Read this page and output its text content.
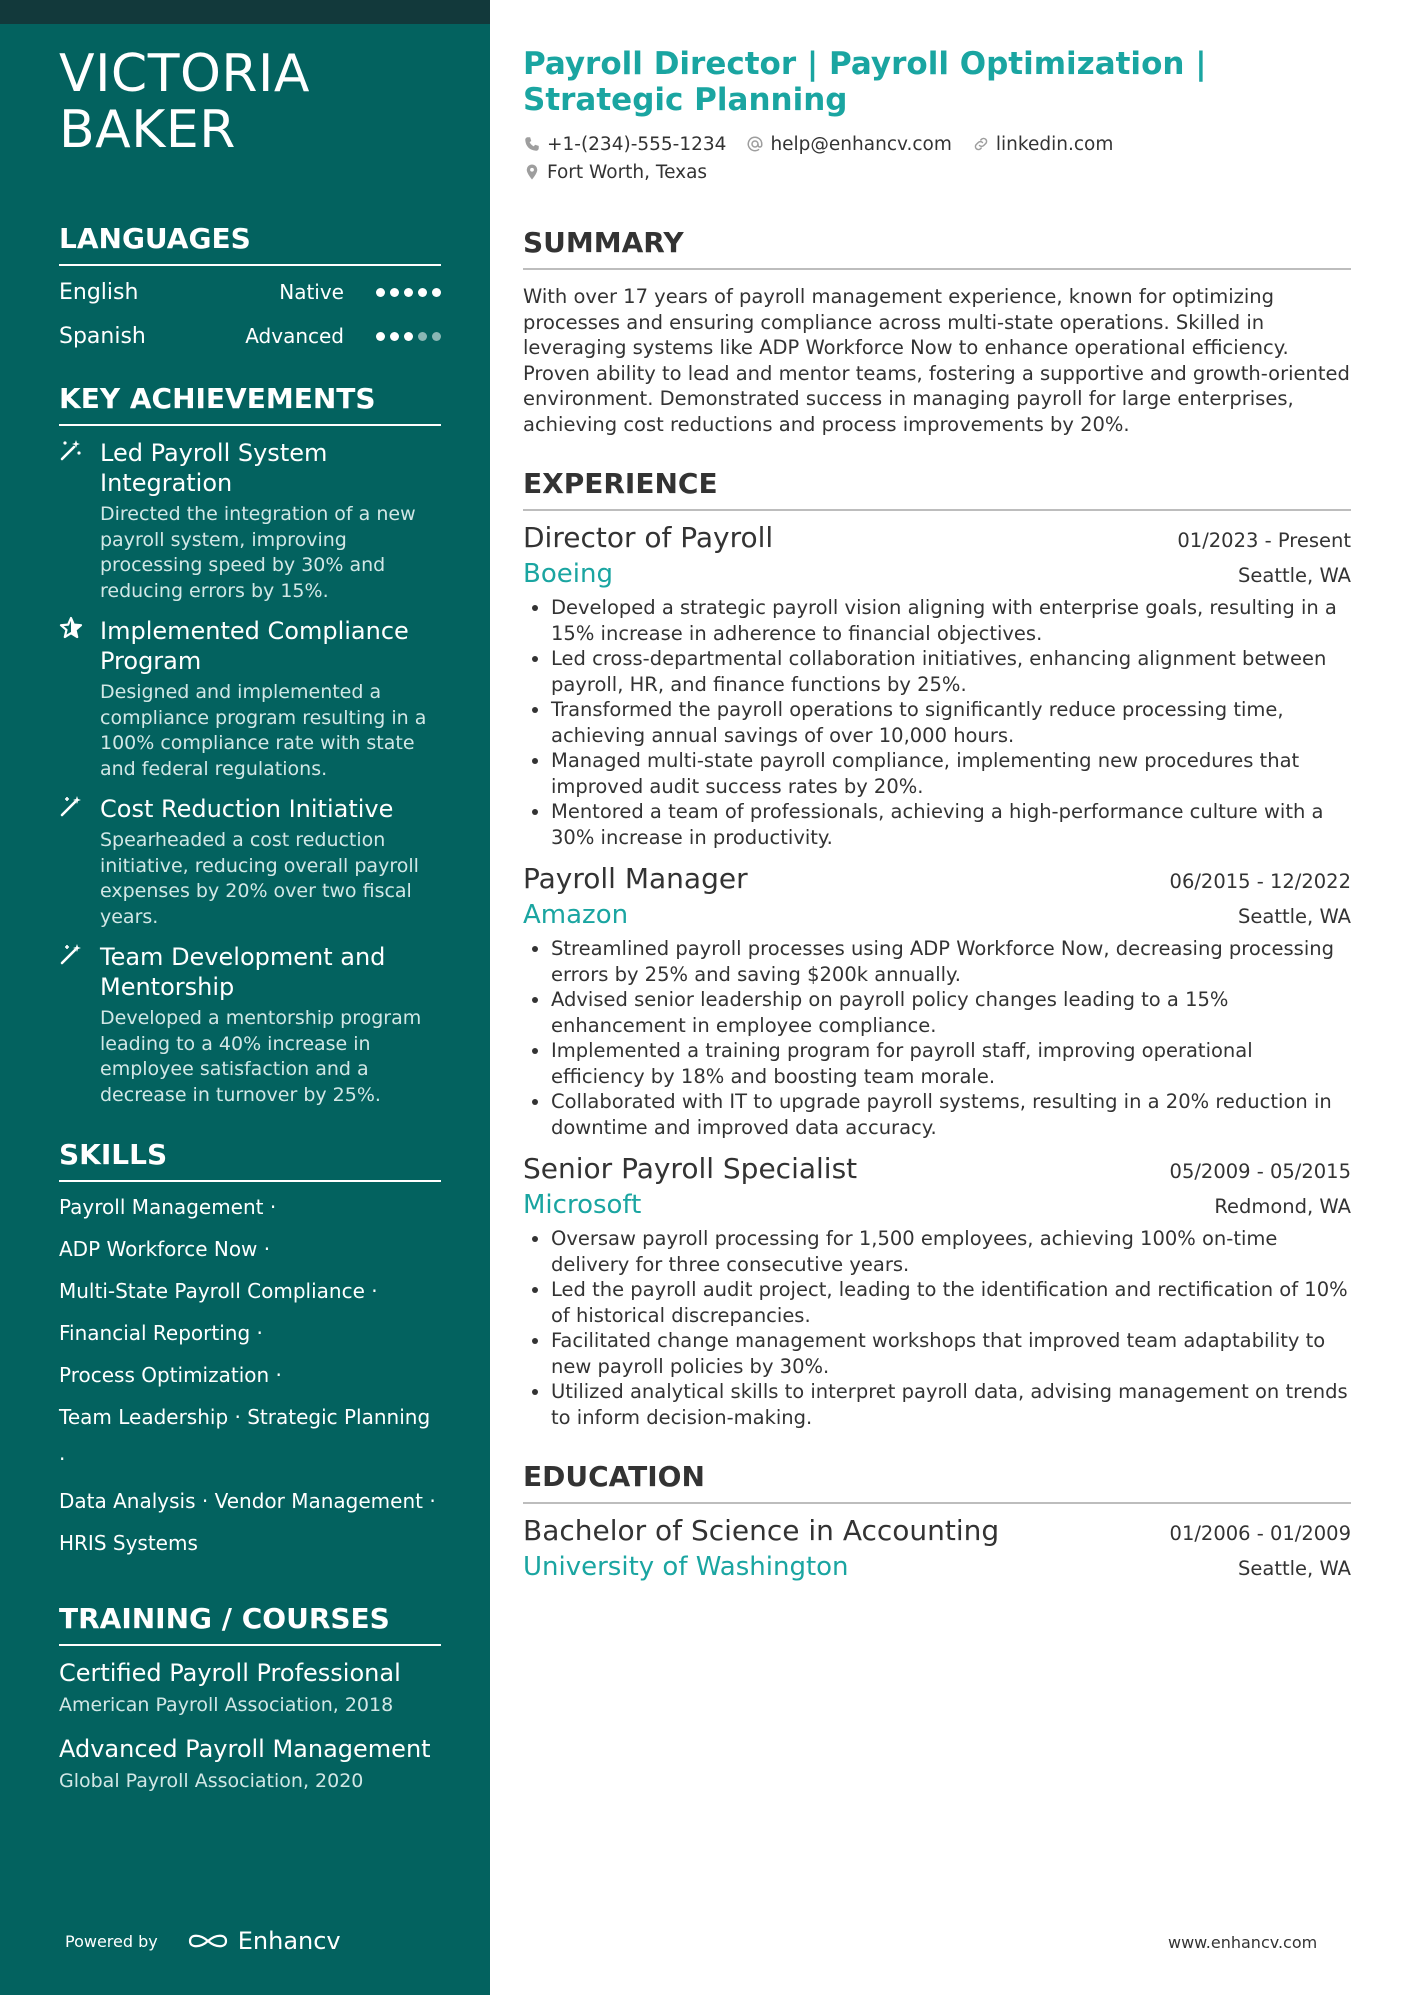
VICTORIA
BAKER
LANGUAGES
English	Native
Spanish	Advanced
KEY ACHIEVEMENTS
Led Payroll System Integration
Directed the integration of a new payroll system, improving processing speed by 30% and reducing errors by 15%.
Implemented Compliance Program
Designed and implemented a compliance program resulting in a 100% compliance rate with state and federal regulations.
Cost Reduction Initiative
Spearheaded a cost reduction initiative, reducing overall payroll expenses by 20% over two fiscal years.
Team Development and Mentorship
Developed a mentorship program leading to a 40% increase in employee satisfaction and a decrease in turnover by 25%.
SKILLS
Payroll Management ·
ADP Workforce Now ·
Multi-State Payroll Compliance ·
Financial Reporting ·
Process Optimization ·
Team Leadership · Strategic Planning ·
Data Analysis · Vendor Management ·
HRIS Systems
TRAINING / COURSES
Certified Payroll Professional
American Payroll Association, 2018
Advanced Payroll Management
Global Payroll Association, 2020
Powered by	Enhancv
Payroll Director | Payroll Optimization | Strategic Planning
+1-(234)-555-1234 help@enhancv.com linkedin.com
Fort Worth, Texas
SUMMARY
With over 17 years of payroll management experience, known for optimizing processes and ensuring compliance across multi-state operations. Skilled in leveraging systems like ADP Workforce Now to enhance operational efficiency. Proven ability to lead and mentor teams, fostering a supportive and growth-oriented environment. Demonstrated success in managing payroll for large enterprises, achieving cost reductions and process improvements by 20%.
EXPERIENCE
Director of Payroll	01/2023 - Present
Boeing	Seattle, WA
• Developed a strategic payroll vision aligning with enterprise goals, resulting in a 15% increase in adherence to financial objectives.
• Led cross-departmental collaboration initiatives, enhancing alignment between payroll, HR, and finance functions by 25%.
• Transformed the payroll operations to significantly reduce processing time, achieving annual savings of over 10,000 hours.
• Managed multi-state payroll compliance, implementing new procedures that improved audit success rates by 20%.
• Mentored a team of professionals, achieving a high-performance culture with a 30% increase in productivity.
Payroll Manager	06/2015 - 12/2022
Amazon	Seattle, WA
• Streamlined payroll processes using ADP Workforce Now, decreasing processing errors by 25% and saving $200k annually.
• Advised senior leadership on payroll policy changes leading to a 15% enhancement in employee compliance.
• Implemented a training program for payroll staff, improving operational efficiency by 18% and boosting team morale.
• Collaborated with IT to upgrade payroll systems, resulting in a 20% reduction in downtime and improved data accuracy.
Senior Payroll Specialist	05/2009 - 05/2015
Microsoft	Redmond, WA
• Oversaw payroll processing for 1,500 employees, achieving 100% on-time delivery for three consecutive years.
• Led the payroll audit project, leading to the identification and rectification of 10% of historical discrepancies.
• Facilitated change management workshops that improved team adaptability to new payroll policies by 30%.
• Utilized analytical skills to interpret payroll data, advising management on trends to inform decision-making.
EDUCATION
Bachelor of Science in Accounting	01/2006 - 01/2009
University of Washington	Seattle, WA
www.enhancv.com
